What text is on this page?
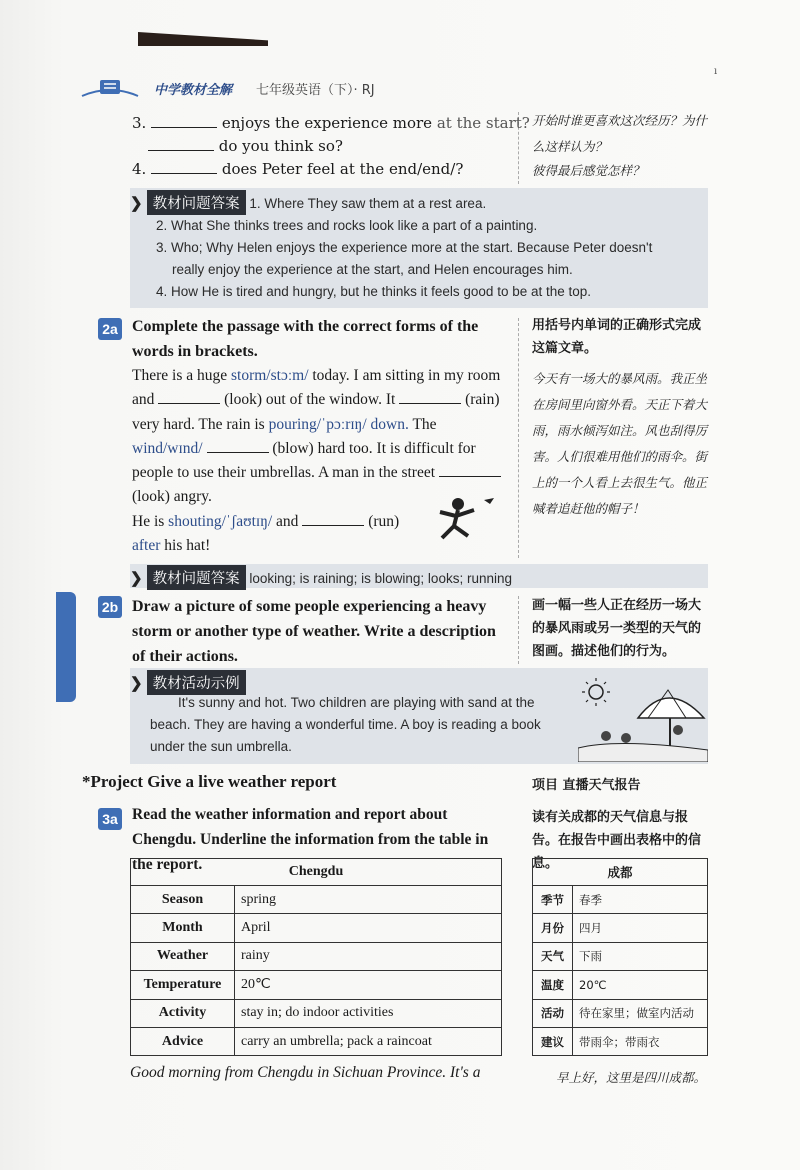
中学教材全解 七年级英语（下）· RJ
ı
3.	enjoys the experience more at the start?
do you think so?
4.	does Peter feel at the end/end/?
开始时谁更喜欢这次经历？为什么这样认为？
彼得最后感觉怎样？
❯ 教材问题答案 1. Where They saw them at a rest area.
2. What She thinks trees and rocks look like a part of a painting.
3. Who; Why Helen enjoys the experience more at the start. Because Peter doesn't
really enjoy the experience at the start, and Helen encourages him.
4. How He is tired and hungry, but he thinks it feels good to be at the top.
2a Complete the passage with the correct forms of the words in brackets.
用括号内单词的正确形式完成这篇文章。
There is a huge storm/stɔːm/ today. I am sitting in my room and	(look) out of the window. It	(rain) very hard. The rain is pouring/ˈpɔːrɪŋ/ down. The wind/wɪnd/	(blow) hard too. It is difficult for people to use their umbrellas. A man in the street  (look) angry.
He is shouting/ˈʃaʊtɪŋ/ and	(run)
after his hat!
今天有一场大的暴风雨。我正坐在房间里向窗外看。天正下着大雨，雨水倾泻如注。风也刮得厉害。人们很难用他们的雨伞。街上的一个人看上去很生气。他正喊着追赶他的帽子！
❯ 教材问题答案 looking; is raining; is blowing; looks; running
2b Draw a picture of some people experiencing a heavy storm or another type of weather. Write a description of their actions.
画一幅一些人正在经历一场大的暴风雨或另一类型的天气的图画。描述他们的行为。
❯ 教材活动示例
It's sunny and hot. Two children are playing with sand at the beach. They are having a wonderful time. A boy is reading a book under the sun umbrella.
*Project Give a live weather report	项目 直播天气报告
3a Read the weather information and report about Chengdu. Underline the information from the table in the report.
读有关成都的天气信息与报告。在报告中画出表格中的信息。
Chengdu	
Season	spring
Month	April
Weather	rainy
Temperature	20℃
Activity	stay in; do indoor activities
Advice	carry an umbrella; pack a raincoat
成都	
季节	春季
月份	四月
天气	下雨
温度	20℃
活动	待在家里；做室内活动
建议	带雨伞；带雨衣
Good morning from Chengdu in Sichuan Province. It's a	早上好，这里是四川成都。
